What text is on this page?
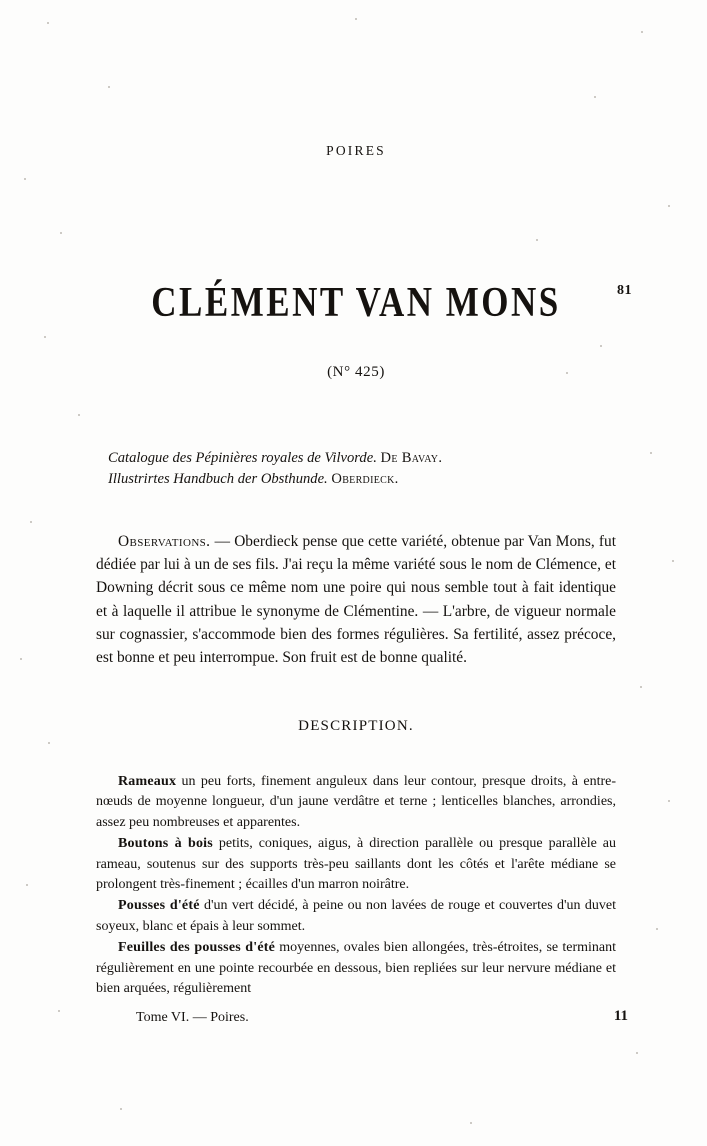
POIRES
81
CLÉMENT VAN MONS
(N° 425)
Catalogue des Pépinières royales de Vilvorde. De Bavay.
Illustrirtes Handbuch der Obsthunde. Oberdieck.

Observations. — Oberdieck pense que cette variété, obtenue par Van Mons, fut dédiée par lui à un de ses fils. J'ai reçu la même variété sous le nom de Clémence, et Downing décrit sous ce même nom une poire qui nous semble tout à fait identique et à laquelle il attribue le synonyme de Clémentine. — L'arbre, de vigueur normale sur cognassier, s'accommode bien des formes régulières. Sa fertilité, assez précoce, est bonne et peu interrompue. Son fruit est de bonne qualité.

DESCRIPTION.

Rameaux un peu forts, finement anguleux dans leur contour, presque droits, à entre-nœuds de moyenne longueur, d'un jaune verdâtre et terne ; lenticelles blanches, arrondies, assez peu nombreuses et apparentes.

Boutons à bois petits, coniques, aigus, à direction parallèle ou presque parallèle au rameau, soutenus sur des supports très-peu saillants dont les côtés et l'arête médiane se prolongent très-finement ; écailles d'un marron noirâtre.

Pousses d'été d'un vert décidé, à peine ou non lavées de rouge et couvertes d'un duvet soyeux, blanc et épais à leur sommet.

Feuilles des pousses d'été moyennes, ovales bien allongées, très-étroites, se terminant régulièrement en une pointe recourbée en dessous, bien repliées sur leur nervure médiane et bien arquées, régulièrement

Tome VI. — Poires.	11
